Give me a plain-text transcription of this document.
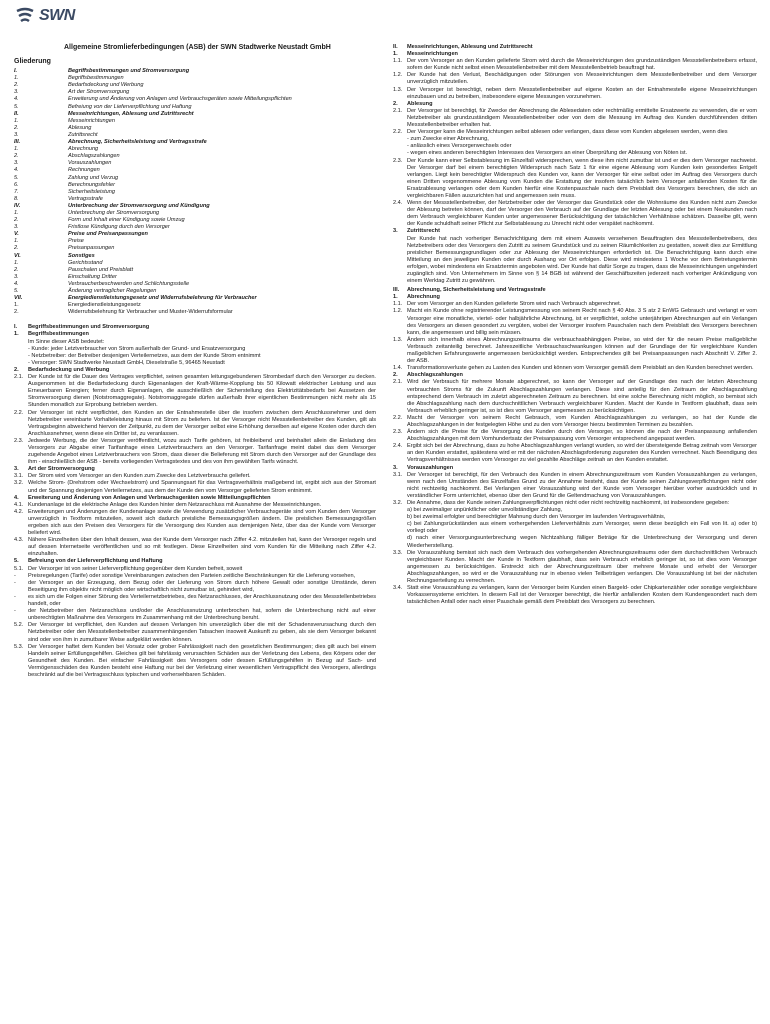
SWN
Allgemeine Stromlieferbedingungen (ASB) der SWN Stadtwerke Neustadt GmbH
Gliederung
I.	Begriffsbestimmungen und Stromversorgung
1.	Begriffsbestimmungen
2.	Bedarfsdeckung und Werbung
3.	Art der Stromversorgung
4.	Erweiterung und Änderung von Anlagen und Verbrauchsgeräten sowie Mitteilungspflichten
5.	Befreiung von der Lieferverpflichtung und Haftung
II.	Messeinrichtungen, Ablesung und Zutrittsrecht
1.	Messeinrichtungen
2.	Ablesung
3.	Zutrittsrecht
III.	Abrechnung, Sicherheitsleistung und Vertragsstrafe
1.	Abrechnung
2.	Abschlagszahlungen
3.	Vorauszahlungen
4.	Rechnungen
5.	Zahlung und Verzug
6.	Berechnungsfehler
7.	Sicherheitsleistung
8.	Vertragsstrafe
IV.	Unterbrechung der Stromversorgung und Kündigung
1.	Unterbrechung der Stromversorgung
2.	Form und Inhalt einer Kündigung sowie Umzug
3.	Fristlose Kündigung durch den Versorger
V.	Preise und Preisanpassungen
1.	Preise
2.	Preisanpassungen
VI.	Sonstiges
1.	Gerichtsstand
2.	Pauschalen und Preisblatt
3.	Einschaltung Dritter
4.	Verbraucherbeschwerden und Schlichtungsstelle
5.	Änderung vertraglicher Regelungen
VII.	Energiedienstleistungsgesetz und Widerrufsbelehrung für Verbraucher
1.	Energiedienstleistungsgesetz
2.	Widerrufsbelehrung für Verbraucher und Muster-Widerrufsformular
I.	Begriffsbestimmungen und Stromversorgung
1.	Begriffsbestimmungen
Im Sinne dieser ASB bedeutet:
- Kunde: jeder Letztverbraucher von Strom außerhalb der Grund- und Ersatzversorgung
- Netzbetreiber: der Betreiber desjenigen Verteilernetzes, aus dem der Kunde Strom entnimmt
- Versorger: SWN Stadtwerke Neustadt GmbH, Dieselstraße 5, 96465 Neustadt
2.	Bedarfsdeckung und Werbung
2.1. Der Kunde ist für die Dauer des Vertrages verpflichtet, seinen gesamten leitungsgebundenen Strombedarf durch den Versorger zu decken. Ausgenommen ist die Bedarfsdeckung durch Eigenanlagen der Kraft-Wärme-Kopplung bis 50 Kilowatt elektrischer Leistung und aus Erneuerbaren Energien; ferner durch Eigenanlagen, die ausschließlich der Sicherstellung des Elektrizitätsbedarfs bei Aussetzen der Stromversorgung dienen (Notstromaggregate). Notstromaggregate dürfen außerhalb ihrer eigentlichen Bestimmungen nicht mehr als 15 Stunden monatlich zur Erprobung betrieben werden.
2.2. Der Versorger ist nicht verpflichtet, den Kunden an der Entnahmestelle über die insofern zwischen dem Anschlussnehmer und dem Netzbetreiber vereinbarte Vorhalteleistung hinaus mit Strom zu beliefern. Ist der Versorger nicht Messstellenbetreiber des Kunden, gilt als Vertragsbeginn abweichend hiervon der Zeitpunkt, zu dem der Versorger selbst eine Erhöhung derselben auf eigene Kosten oder durch den Anschlussnehmer, wenn diese ein Dritter ist, zu veranlassen.
2.3. Jedwede Werbung, die der Versorger veröffentlicht, wozu auch Tarife gehören, ist freibleibend und beinhaltet allein die Einladung des Versorgers zur Abgabe einer Tarifanfrage eines Letztverbrauchers an den Versorger. Tarifanfrage meint dabei das dem Versorger zugehende Angebot eines Letztverbrauchers von Strom, dass dieser die Belieferung mit Strom durch den Versorger auf der Grundlage des ihm - einschließlich der ASB - bereits vorliegenden Vertragstextes und des von ihm gewählten Tarifs wünscht.
3.	Art der Stromversorgung
3.1. Der Strom wird vom Versorger an den Kunden zum Zwecke des Letztverbrauchs geliefert.
3.2. Welche Strom- (Drehstrom oder Wechselstrom) und Spannungsart für das Vertragsverhältnis maßgebend ist, ergibt sich aus der Stromart und der Spannung desjenigen Verteilernetzes, aus dem der Kunde den vom Versorger gelieferten Strom entnimmt.
4.	Erweiterung und Änderung von Anlagen und Verbrauchsgeräten sowie Mitteilungspflichten
4.1. Kundenanlage ist die elektrische Anlage des Kunden hinter dem Netzanschluss mit Ausnahme der Messeinrichtungen.
4.2. Erweiterungen und Änderungen der Kundenanlage sowie die Verwendung zusätzlicher Verbrauchsgeräte sind vom Kunden dem Versorger unverzüglich in Textform mitzuteilen, soweit sich dadurch preisliche Bemessungsgrößen ändern. Die preislichen Bemessungsgrößen ergeben sich aus den Preisen des Versorgers für die Versorgung des Kunden aus demjenigen Netz, über das der Kunde vom Versorger beliefert wird.
4.3. Nähere Einzelheiten über den Inhalt dessen, was der Kunde dem Versorger nach Ziffer 4.2. mitzuteilen hat, kann der Versorger regeln und auf dessen Internetseite veröffentlichen und so mit festlegen. Diese Einzelheiten sind vom Kunden für die Mitteilung nach Ziffer 4.2. einzuhalten.
5.	Befreiung von der Lieferverpflichtung und Haftung
5.1. Der Versorger ist von seiner Lieferverpflichtung gegenüber dem Kunden befreit, soweit
-	Preisregelungen (Tarife) oder sonstige Vereinbarungen zwischen den Parteien zeitliche Beschränkungen für die Lieferung vorsehen,
-	der Versorger an der Erzeugung, dem Bezug oder der Lieferung von Strom durch höhere Gewalt oder sonstige Umstände, deren Beseitigung ihm objektiv nicht möglich oder wirtschaftlich nicht zumutbar ist, gehindert wird,
-	es sich um die Folgen einer Störung des Verteilernetzbetriebes, des Netzanschlusses, der Anschlussnutzung oder des Messstellenbetriebes handelt, oder
-	der Netzbetreiber den Netzanschluss und/oder die Anschlussnutzung unterbrochen hat, sofern die Unterbrechung nicht auf einer unberechtigten Maßnahme des Versorgers im Zusammenhang mit der Unterbrechung beruht.
5.2. Der Versorger ist verpflichtet, den Kunden auf dessen Verlangen hin unverzüglich über die mit der Schadensverursachung durch den Netzbetreiber oder den Messstellenbetreiber zusammenhängenden Tatsachen insoweit Auskunft zu geben, als sie dem Versorger bekannt sind oder von ihm in zumutbarer Weise aufgeklärt werden können.
5.3. Der Versorger haftet dem Kunden bei Vorsatz oder grober Fahrlässigkeit nach den gesetzlichen Bestimmungen; dies gilt auch bei einem Handeln seiner Erfüllungsgehilfen. Gleiches gilt bei fahrlässig verursachten Schäden aus der Verletzung des Lebens, des Körpers oder der Gesundheit des Kunden. Bei einfacher Fahrlässigkeit des Versorgers oder dessen Erfüllungsgehilfen in Bezug auf Sach- und Vermögensschäden des Kunden besteht eine Haftung nur bei der Verletzung einer wesentlichen Vertragspflicht des Versorgers, allerdings beschränkt auf die bei Vertragsschluss typischen und vorhersehbaren Schäden.
II.	Messeinrichtungen, Ablesung und Zutrittsrecht
1.	Messeinrichtungen
1.1. Der vom Versorger an den Kunden gelieferte Strom wird durch die Messeinrichtungen des grundzuständigen Messstellenbetreibers erfasst, sofern der Kunde nicht selbst einen Messstellenbetreiber mit dem Messstellenbetrieb beauftragt hat.
1.2. Der Kunde hat den Verlust, Beschädigungen oder Störungen von Messeinrichtungen dem Messstellenbetreiber und dem Versorger unverzüglich mitzuteilen.
1.3. Der Versorger ist berechtigt, neben dem Messstellenbetreiber auf eigene Kosten an der Entnahmestelle eigene Messeinrichtungen einzubauen und zu betreiben, insbesondere eigene Messungen vorzunehmen.
2.	Ablesung
2.1. Der Versorger ist berechtigt, für Zwecke der Abrechnung die Ablesedaten oder rechtmäßig ermittelte Ersatzwerte zu verwenden, die er vom Netzbetreiber als grundzuständigem Messstellenbetreiber oder von dem die Messung im Auftrag des Kunden durchführenden dritten Messstellenbetreiber erhalten hat.
2.2. Der Versorger kann die Messeinrichtungen selbst ablesen oder verlangen, dass diese vom Kunden abgelesen werden, wenn dies
- zum Zwecke einer Abrechnung,
- anlässlich eines Versorgerwechsels oder
- wegen eines anderen berechtigten Interesses des Versorgers an einer Überprüfung der Ablesung von Nöten ist.
2.3. Der Kunde kann einer Selbstablesung im Einzelfall widersprechen, wenn diese ihm nicht zumutbar ist und er dies dem Versorger nachweist. Der Versorger darf bei einem berechtigten Widerspruch nach Satz 1 für eine eigene Ablesung vom Kunden kein gesondertes Entgelt verlangen. Liegt kein berechtigter Widerspruch des Kunden vor, kann der Versorger für eine selbst oder im Auftrag des Versorgers durch einen Dritten vorgenommene Ablesung vom Kunden die Erstattung der insofern tatsächlich beim Versorger anfallenden Kosten für die Ersatzablesung verlangen oder dem Kunden hierfür eine Kostenpauschale nach dem Preisblatt des Versorgers berechnen, die sich an vergleichbaren Fällen auszurichten hat und angemessen sein muss.
2.4. Wenn der Messstellenbetreiber, der Netzbetreiber oder der Versorger das Grundstück oder die Wohnräume des Kunden nicht zum Zwecke der Ablesung betreten können, darf der Versorger den Verbrauch auf der Grundlage der letzten Ablesung oder bei einem Neukunden nach dem Verbrauch vergleichbarer Kunden unter angemessener Berücksichtigung der tatsächlichen Verhältnisse schätzen. Dasselbe gilt, wenn der Kunde schuldhaft seiner Pflicht zur Selbstablesung zu Unrecht nicht oder verspätet nachkommt.
3.	Zutrittsrecht
Der Kunde hat nach vorheriger Benachrichtigung dem mit einem Ausweis versehenen Beauftragten des Messstellenbetreibers, des Netzbetreibers oder des Versorgers den Zutritt zu seinem Grundstück und zu seinen Räumlichkeiten zu gestatten, soweit dies zur Ermittlung preislicher Bemessungsgrundlagen oder zur Ablesung der Messeinrichtungen erforderlich ist. Die Benachrichtigung kann durch eine Mitteilung an den jeweiligen Kunden oder durch Aushang vor Ort erfolgen. Diese wird mindestens 1 Woche vor dem Betretungstermin erfolgen, wobei mindestens ein Ersatztermin angeboten wird. Der Kunde hat dafür Sorge zu tragen, dass die Messeinrichtungen ungehindert zugänglich sind. Von Unternehmern im Sinne von § 14 BGB ist während der Geschäftszeiten jederzeit nach vorheriger Ankündigung von einem Werktag Zutritt zu gewähren.
III.	Abrechnung, Sicherheitsleistung und Vertragsstrafe
1.	Abrechnung
1.1. Der vom Versorger an den Kunden gelieferte Strom wird nach Verbrauch abgerechnet.
1.2. Macht ein Kunde ohne registrierender Leistungsmessung von seinem Recht nach § 40 Abs. 3 S atz 2 EnWG Gebrauch und verlangt er vom Versorger eine monatliche, viertel- oder halbjährliche Abrechnung, ist er verpflichtet, solche unterjährigen Abrechnungen auf ein Verlangen des Versorgers an diesen gesondert zu vergüten, wobei der Versorger insofern Pauschalen nach dem Preisblatt des Versorgers berechnen kann, die angemessen und billig sein müssen.
1.3. Ändern sich innerhalb eines Abrechnungszeitraums die verbrauchsabhängigen Preise, so wird der für die neuen Preise maßgebliche Verbrauch zeitanteilig berechnet. Jahreszeitliche Verbrauchsschwankungen können auf der Grundlage der für vergleichbare Kunden maßgeblichen Erfahrungswerte angemessen berücksichtigt werden. Entsprechendes gilt bei Preisanpassungen nach Abschnitt V. Ziffer 2. der ASB.
1.4. Transformationsverluste gehen zu Lasten des Kunden und können vom Versorger gemäß dem Preisblatt an den Kunden berechnet werden.
2.	Abschlagszahlungen
2.1. Wird der Verbrauch für mehrere Monate abgerechnet, so kann der Versorger auf der Grundlage des nach der letzten Abrechnung verbrauchten Stroms für die Zukunft Abschlagszahlungen verlangen. Diese sind anteilig für den Zeitraum der Abschlagszahlung entsprechend dem Verbrauch im zuletzt abgerechneten Zeitraum zu berechnen. Ist eine solche Berechnung nicht möglich, so bemisst sich die Abschlagszahlung nach dem durchschnittlichen Verbrauch vergleichbarer Kunden. Macht der Kunde in Textform glaubhaft, dass sein Verbrauch erheblich geringer ist, so ist dies vom Versorger angemessen zu berücksichtigen.
2.2. Macht der Versorger von seinem Recht Gebrauch, vom Kunden Abschlagszahlungen zu verlangen, so hat der Kunde die Abschlagszahlungen in der festgelegten Höhe und zu den vom Versorger hierzu bestimmten Terminen zu bezahlen.
2.3. Ändern sich die Preise für die Versorgung des Kunden durch den Versorger, so können die nach der Preisanpassung anfallenden Abschlagszahlungen mit dem Vomhundertsatz der Preisanpassung vom Versorger entsprechend angepasst werden.
2.4. Ergibt sich bei der Abrechnung, dass zu hohe Abschlagszahlungen verlangt wurden, so wird der übersteigende Betrag zeitnah vom Versorger an den Kunden erstattet, spätestens wird er mit der nächsten Abschlagsforderung zugunsten des Kunden verrechnet. Nach Beendigung des Vertragsverhältnisses werden vom Versorger zu viel gezahlte Abschläge zeitnah an den Kunden erstattet.
3.	Vorauszahlungen
3.1. Der Versorger ist berechtigt, für den Verbrauch des Kunden in einem Abrechnungszeitraum vom Kunden Vorauszahlungen zu verlangen, wenn nach den Umständen des Einzelfalles Grund zu der Annahme besteht, dass der Kunde seinen Zahlungsverpflichtungen nicht oder nicht rechtzeitig nachkommt. Bei Verlangen einer Vorauszahlung wird der Kunde vom Versorger hierüber vorher ausdrücklich und in verständlicher Form unterrichtet, ebenso über den Grund für die Geltendmachung von Vorauszahlungen.
3.2. Die Annahme, dass der Kunde seinen Zahlungsverpflichtungen nicht oder nicht rechtzeitig nachkommt, ist insbesondere gegeben:
a) bei zweimaliger unpünktlicher oder unvollständiger Zahlung,
b) bei zweimal erfolgter und berechtigter Mahnung durch den Versorger im laufenden Vertragsverhältnis,
c) bei Zahlungsrückständen aus einem vorhergehenden Lieferverhältnis zum Versorger, wenn diese bezüglich ein Fall von lit. a) oder b) vorliegt oder
d) nach einer Versorgungsunterbrechung wegen Nichtzahlung fälliger Beträge für die Unterbrechung der Versorgung und deren Wiederherstellung.
3.3. Die Vorauszahlung bemisst sich nach dem Verbrauch des vorhergehenden Abrechnungszeitraums oder dem durchschnittlichen Verbrauch vergleichbarer Kunden. Macht der Kunde in Textform glaubhaft, dass sein Verbrauch erheblich geringer ist, so ist dies vom Versorger angemessen zu berücksichtigen. Erstreckt sich der Abrechnungszeitraum über mehrere Monate und erhebt der Versorger Abschlagszahlungen, so wird er die Vorauszahlung nur in ebenso vielen Teilbeträgen verlangen. Die Vorauszahlung ist bei der nächsten Rechnungserteilung zu verrechnen.
3.4. Statt eine Vorauszahlung zu verlangen, kann der Versorger beim Kunden einen Bargeld- oder Chipkartenzähler oder sonstige vergleichbare Vorkassensysteme errichten. In diesem Fall ist der Versorger berechtigt, die hierfür anfallenden Kosten dem Kundengesondert nach dem tatsächlichen Anfall oder nach einer Pauschale gemäß dem Preisblatt des Versorgers zu berechnen.
